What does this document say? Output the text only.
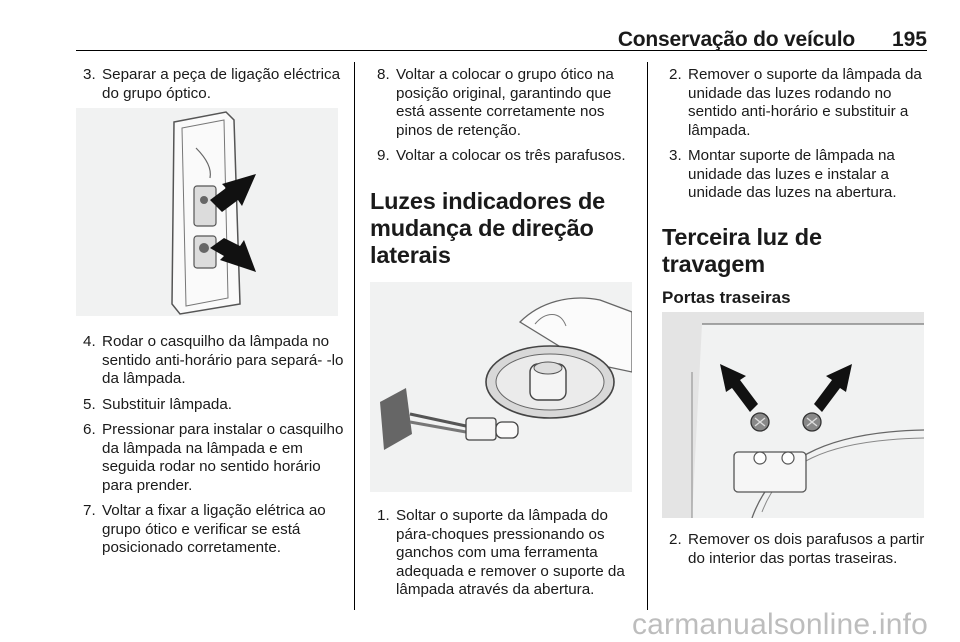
Conservação do veículo 195
3. Separar a peça de ligação eléctrica do grupo óptico.
4. Rodar o casquilho da lâmpada no sentido anti-horário para separá- -lo da lâmpada.
5. Substituir lâmpada.
6. Pressionar para instalar o casquilho da lâmpada na lâmpada e em seguida rodar no sentido horário para prender.
7. Voltar a fixar a ligação elétrica ao grupo ótico e verificar se está posicionado corretamente.
8. Voltar a colocar o grupo ótico na posição original, garantindo que está assente corretamente nos pinos de retenção.
9. Voltar a colocar os três parafusos.
Luzes indicadores de
mudança de direção
laterais
1. Soltar o suporte da lâmpada do pára-choques pressionando os ganchos com uma ferramenta adequada e remover o suporte da lâmpada através da abertura.
2. Remover o suporte da lâmpada da unidade das luzes rodando no sentido anti-horário e substituir a lâmpada.
3. Montar suporte de lâmpada na unidade das luzes e instalar a unidade das luzes na abertura.
Terceira luz de travagem
Portas traseiras
2. Remover os dois parafusos a partir do interior das portas traseiras.
carmanualsonline.info
